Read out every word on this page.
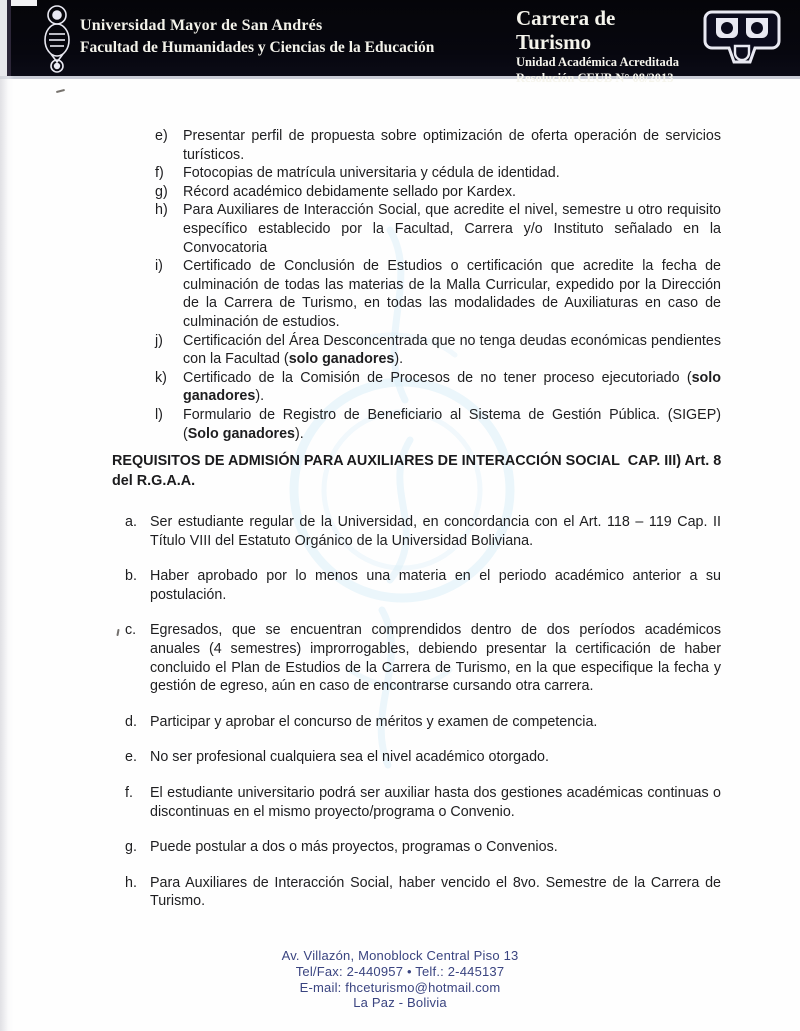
Universidad Mayor de San Andrés
Facultad de Humanidades y Ciencias de la Educación
Carrera de Turismo
Unidad Académica Acreditada
Resolución CEUB N° 08/2013
e)	Presentar perfil de propuesta sobre optimización de oferta operación de servicios turísticos.
f)	Fotocopias de matrícula universitaria y cédula de identidad.
g)	Récord académico debidamente sellado por Kardex.
h)	Para Auxiliares de Interacción Social, que acredite el nivel, semestre u otro requisito específico establecido por la Facultad, Carrera y/o Instituto señalado en la Convocatoria
i)	Certificado de Conclusión de Estudios o certificación que acredite la fecha de culminación de todas las materias de la Malla Curricular, expedido por la Dirección de la Carrera de Turismo, en todas las modalidades de Auxiliaturas en caso de culminación de estudios.
j)	Certificación del Área Desconcentrada que no tenga deudas económicas pendientes con la Facultad (solo ganadores).
k)	Certificado de la Comisión de Procesos de no tener proceso ejecutoriado (solo ganadores).
l)	Formulario de Registro de Beneficiario al Sistema de Gestión Pública. (SIGEP) (Solo ganadores).
REQUISITOS DE ADMISIÓN PARA AUXILIARES DE INTERACCIÓN SOCIAL  CAP. III) Art. 8 del R.G.A.A.
a. Ser estudiante regular de la Universidad, en concordancia con el Art. 118 – 119 Cap. II Título VIII del Estatuto Orgánico de la Universidad Boliviana.
b. Haber aprobado por lo menos una materia en el periodo académico anterior a su postulación.
c. Egresados, que se encuentran comprendidos dentro de dos períodos académicos anuales (4 semestres) improrrogables, debiendo presentar la certificación de haber concluido el Plan de Estudios de la Carrera de Turismo, en la que especifique la fecha y gestión de egreso, aún en caso de encontrarse cursando otra carrera.
d. Participar y aprobar el concurso de méritos y examen de competencia.
e. No ser profesional cualquiera sea el nivel académico otorgado.
f.	El estudiante universitario podrá ser auxiliar hasta dos gestiones académicas continuas o discontinuas en el mismo proyecto/programa o Convenio.
g. Puede postular a dos o más proyectos, programas o Convenios.
h. Para Auxiliares de Interacción Social, haber vencido el 8vo. Semestre de la Carrera de Turismo.
Av. Villazón, Monoblock Central Piso 13
Tel/Fax: 2-440957 • Telf.: 2-445137
E-mail: fhceturismo@hotmail.com
La Paz - Bolivia
